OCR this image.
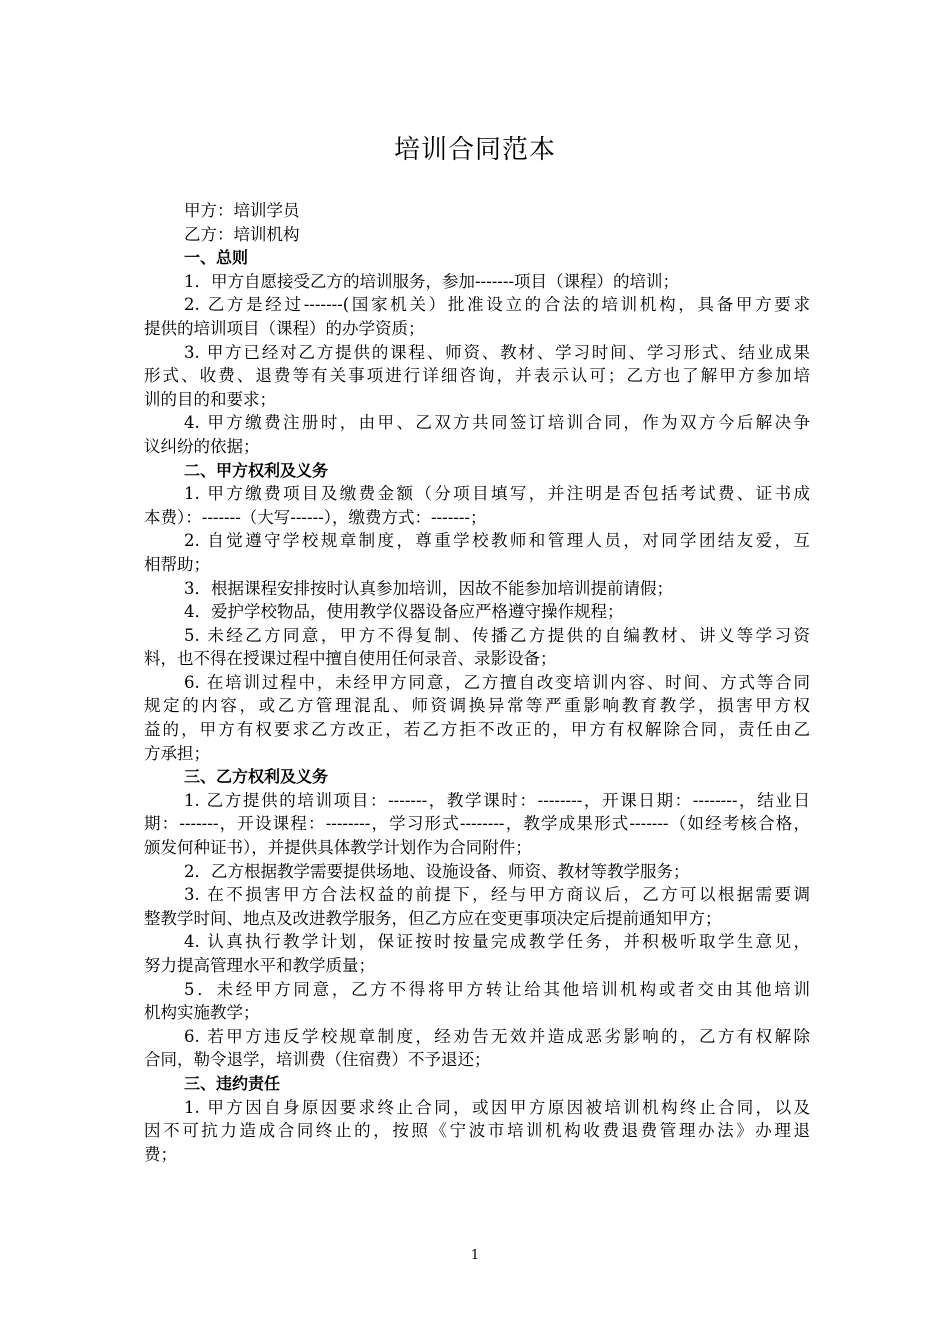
培训合同范本
甲方：培训学员
乙方：培训机构
一、总则
1．甲方自愿接受乙方的培训服务，参加-------项目（课程）的培训；
2. 乙方是经过-------(国家机关）批准设立的合法的培训机构，具备甲方要求
提供的培训项目（课程）的办学资质；
3. 甲方已经对乙方提供的课程、师资、教材、学习时间、学习形式、结业成果
形式、收费、退费等有关事项进行详细咨询，并表示认可；乙方也了解甲方参加培
训的目的和要求；
4. 甲方缴费注册时，由甲、乙双方共同签订培训合同，作为双方今后解决争
议纠纷的依据；
二、甲方权利及义务
1. 甲方缴费项目及缴费金额（分项目填写，并注明是否包括考试费、证书成
本费）：-------（大写------），缴费方式：-------；
2. 自觉遵守学校规章制度，尊重学校教师和管理人员，对同学团结友爱，互
相帮助；
3．根据课程安排按时认真参加培训，因故不能参加培训提前请假；
4．爱护学校物品，使用教学仪器设备应严格遵守操作规程；
5. 未经乙方同意，甲方不得复制、传播乙方提供的自编教材、讲义等学习资
料，也不得在授课过程中擅自使用任何录音、录影设备；
6. 在培训过程中，未经甲方同意，乙方擅自改变培训内容、时间、方式等合同
规定的内容，或乙方管理混乱、师资调换异常等严重影响教育教学，损害甲方权
益的，甲方有权要求乙方改正，若乙方拒不改正的，甲方有权解除合同，责任由乙
方承担；
三、乙方权利及义务
1. 乙方提供的培训项目：-------，教学课时：--------，开课日期：--------，结业日
期：-------，开设课程：--------，学习形式--------，教学成果形式-------（如经考核合格，
颁发何种证书），并提供具体教学计划作为合同附件；
2．乙方根据教学需要提供场地、设施设备、师资、教材等教学服务；
3. 在不损害甲方合法权益的前提下，经与甲方商议后，乙方可以根据需要调
整教学时间、地点及改进教学服务，但乙方应在变更事项决定后提前通知甲方；
4. 认真执行教学计划，保证按时按量完成教学任务，并积极听取学生意见，
努力提高管理水平和教学质量；
5．未经甲方同意，乙方不得将甲方转让给其他培训机构或者交由其他培训
机构实施教学；
6. 若甲方违反学校规章制度，经劝告无效并造成恶劣影响的，乙方有权解除
合同，勒令退学，培训费（住宿费）不予退还；
三、违约责任
1. 甲方因自身原因要求终止合同，或因甲方原因被培训机构终止合同，以及
因不可抗力造成合同终止的，按照《宁波市培训机构收费退费管理办法》办理退
费；
1
